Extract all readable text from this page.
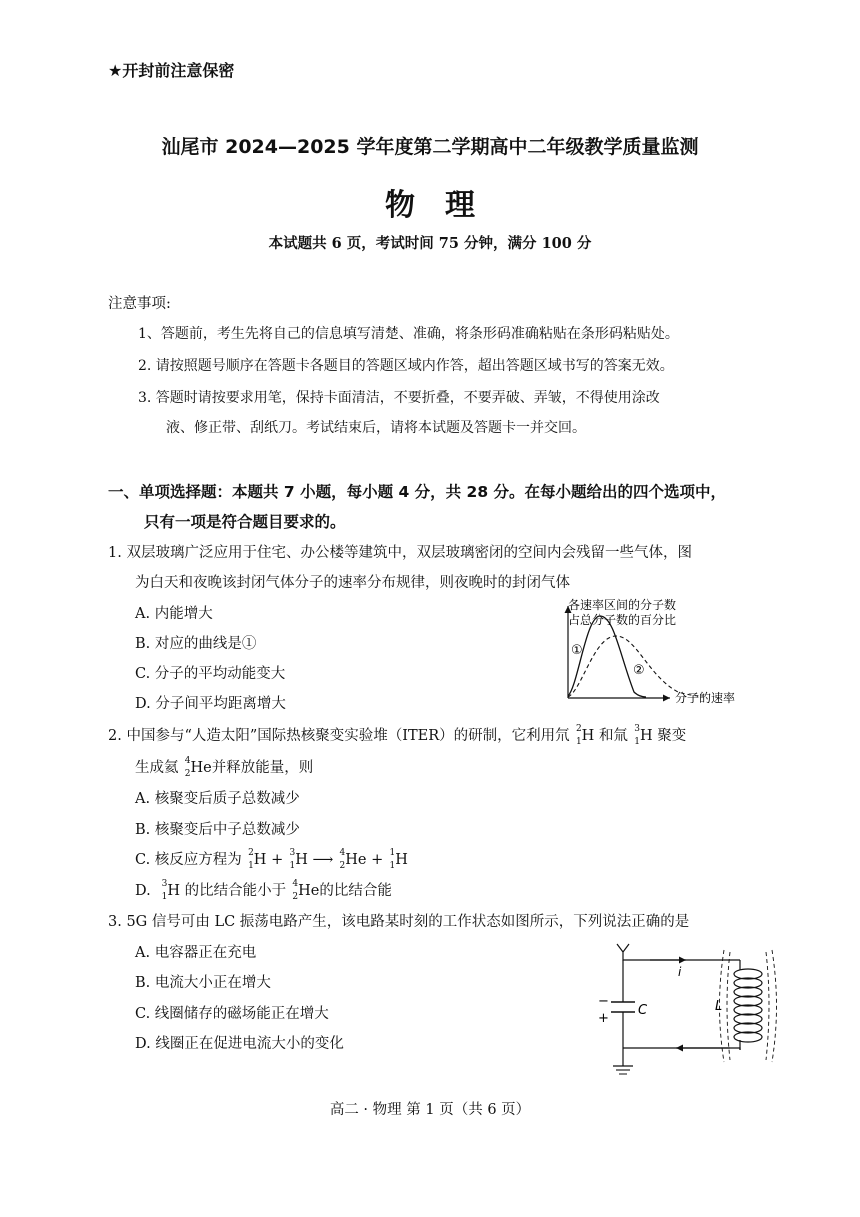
★开封前注意保密
汕尾市 2024—2025 学年度第二学期高中二年级教学质量监测
物理
本试题共 6 页，考试时间 75 分钟，满分 100 分
注意事项:
1、答题前，考生先将自己的信息填写清楚、准确，将条形码准确粘贴在条形码粘贴处。
2. 请按照题号顺序在答题卡各题目的答题区域内作答，超出答题区域书写的答案无效。
3. 答题时请按要求用笔，保持卡面清洁，不要折叠，不要弄破、弄皱，不得使用涂改
液、修正带、刮纸刀。考试结束后，请将本试题及答题卡一并交回。
一、单项选择题：本题共 7 小题，每小题 4 分，共 28 分。在每小题给出的四个选项中，
只有一项是符合题目要求的。
1. 双层玻璃广泛应用于住宅、办公楼等建筑中，双层玻璃密闭的空间内会残留一些气体，图
为白天和夜晚该封闭气体分子的速率分布规律，则夜晚时的封闭气体
A. 内能增大
B. 对应的曲线是①
C. 分子的平均动能变大
D. 分子间平均距离增大
各速率区间的分子数
占总分子数的百分比
①
②
分子的速率
2. 中国参与“人造太阳”国际热核聚变实验堆（ITER）的研制，它利用氘 2
1 H 和氚 3
1 H 聚变
生成氦 4
2 He并释放能量，则
A. 核聚变后质子总数减少
B. 核聚变后中子总数减少
C. 核反应方程为 2
1 H + 3
1 H ⟶ 4
2 He + 1
1 H
D. 3
1 H 的比结合能小于 4
2 He的比结合能
3. 5G 信号可由 LC 振荡电路产生，该电路某时刻的工作状态如图所示，下列说法正确的是
A. 电容器正在充电
B. 电流大小正在增大
C. 线圈储存的磁场能正在增大
D. 线圈正在促进电流大小的变化
i
C	L
−
+
高二 · 物理 第 1 页（共 6 页）
